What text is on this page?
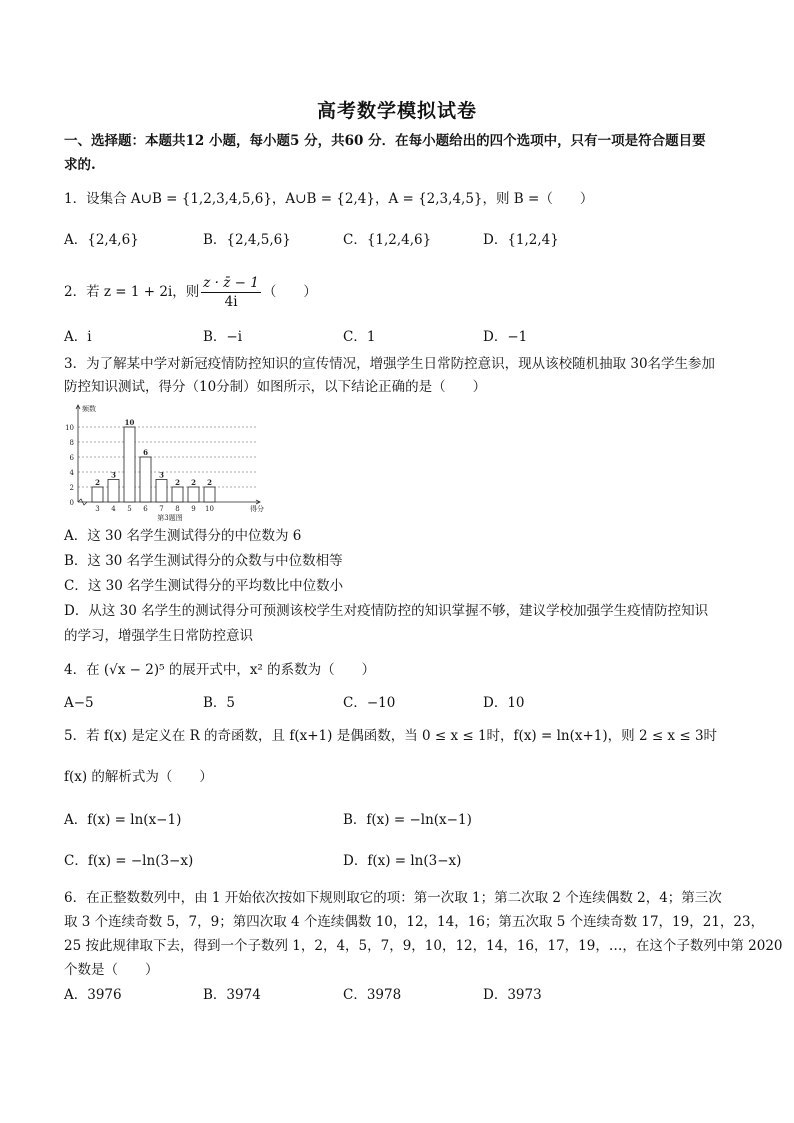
高考数学模拟试卷
一、选择题：本题共12 小题，每小题5 分，共60 分．在每小题给出的四个选项中，只有一项是符合题目要
求的.
1．设集合 A∪B = {1,2,3,4,5,6}，A∪B = {2,4}，A = {2,3,4,5}，则 B =（　　）
A．{2,4,6}	B．{2,4,5,6}	C．{1,2,4,6}	D．{1,2,4}
2．若 z = 1 + 2i，则 $\frac{z \cdot z̄ - 1}{4i}$ （　　）
A．i	B．−i	C．1	D．−1
3．为了解某中学对新冠疫情防控知识的宣传情况，增强学生日常防控意识，现从该校随机抽取 30名学生参加
防控知识测试，得分（10分制）如图所示，以下结论正确的是（　　）
0
2
4
6
8
10
2
3
3
4
10
5
6
6
3
7
2
8
2
9
2
10
频数
得分
第3题图
A．这 30 名学生测试得分的中位数为 6
B．这 30 名学生测试得分的众数与中位数相等
C．这 30 名学生测试得分的平均数比中位数小
D．从这 30 名学生的测试得分可预测该校学生对疫情防控的知识掌握不够，建议学校加强学生疫情防控知识
的学习，增强学生日常防控意识
4．在 (√x − 2)⁵ 的展开式中，x² 的系数为（　　）
A−5	B．5	C．−10	D．10
5．若 f(x) 是定义在 R 的奇函数，且 f(x+1) 是偶函数，当 0 ≤ x ≤ 1时，f(x) = ln(x+1)，则 2 ≤ x ≤ 3时
f(x) 的解析式为（　　）
A．f(x) = ln(x−1)	B．f(x) = −ln(x−1)
C．f(x) = −ln(3−x)	D．f(x) = ln(3−x)
6．在正整数数列中，由 1 开始依次按如下规则取它的项：第一次取 1；第二次取 2 个连续偶数 2，4；第三次
取 3 个连续奇数 5，7，9；第四次取 4 个连续偶数 10，12，14，16；第五次取 5 个连续奇数 17，19，21，23，
25 按此规律取下去，得到一个子数列 1，2，4，5，7，9，10，12，14，16，17，19，…，在这个子数列中第 2020
个数是（　　）
A．3976	B．3974	C．3978	D．3973
